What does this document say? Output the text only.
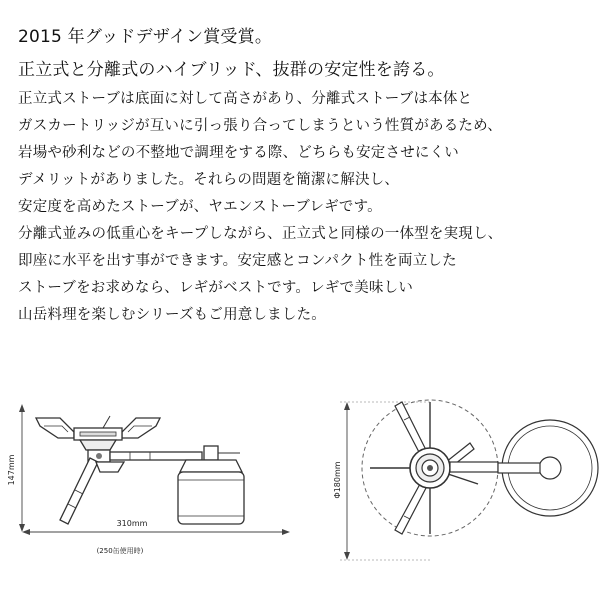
2015 年グッドデザイン賞受賞。
正立式と分離式のハイブリッド、抜群の安定性を誇る。
正立式ストーブは底面に対して高さがあり、分離式ストーブは本体と
ガスカートリッジが互いに引っ張り合ってしまうという性質があるため、
岩場や砂利などの不整地で調理をする際、どちらも安定させにくい
デメリットがありました。それらの問題を簡潔に解決し、
安定度を高めたストーブが、ヤエンストーブレギです。
分離式並みの低重心をキープしながら、正立式と同様の一体型を実現し、
即座に水平を出す事ができます。安定感とコンパクト性を両立した
ストーブをお求めなら、レギがベストです。レギで美味しい
山岳料理を楽しむシリーズもご用意しました。
147mm
310mm
(250缶使用時)
Φ180mm
